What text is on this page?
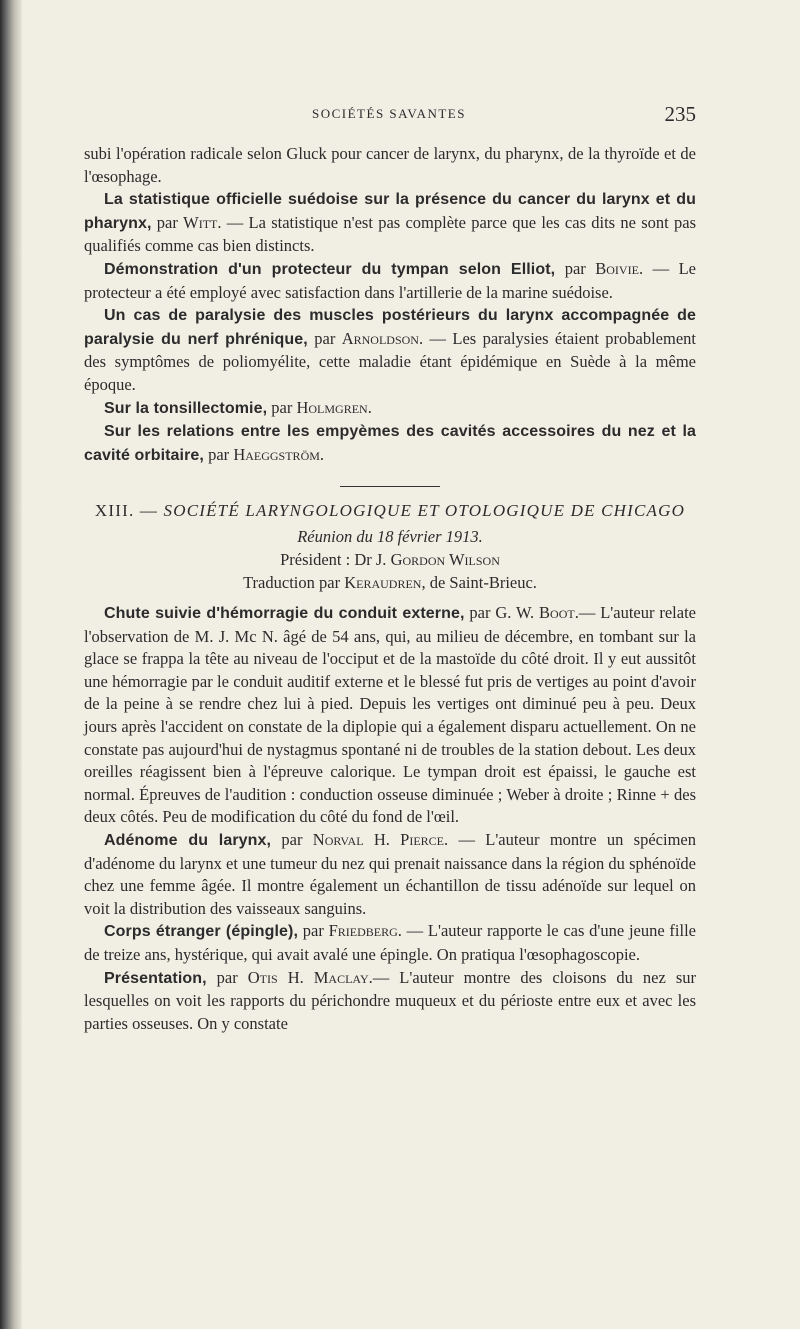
SOCIÉTÉS SAVANTES	235

subi l'opération radicale selon Gluck pour cancer de larynx, du pharynx, de la thyroïde et de l'œsophage.

La statistique officielle suédoise sur la présence du cancer du larynx et du pharynx, par Witt. — La statistique n'est pas complète parce que les cas dits ne sont pas qualifiés comme cas bien distincts.

Démonstration d'un protecteur du tympan selon Elliot, par Boivie. — Le protecteur a été employé avec satisfaction dans l'artillerie de la marine suédoise.

Un cas de paralysie des muscles postérieurs du larynx accompagnée de paralysie du nerf phrénique, par Arnoldson. — Les paralysies étaient probablement des symptômes de poliomyélite, cette maladie étant épidémique en Suède à la même époque.

Sur la tonsillectomie, par Holmgren.

Sur les relations entre les empyèmes des cavités accessoires du nez et la cavité orbitaire, par Haeggström.

XIII. — SOCIÉTÉ LARYNGOLOGIQUE ET OTOLOGIQUE DE CHICAGO
Réunion du 18 février 1913.
Président : Dr J. Gordon Wilson
Traduction par Keraudren, de Saint-Brieuc.

Chute suivie d'hémorragie du conduit externe, par G. W. Boot.— L'auteur relate l'observation de M. J. Mc N. âgé de 54 ans, qui, au milieu de décembre, en tombant sur la glace se frappa la tête au niveau de l'occiput et de la mastoïde du côté droit. Il y eut aussitôt une hémorragie par le conduit auditif externe et le blessé fut pris de vertiges au point d'avoir de la peine à se rendre chez lui à pied. Depuis les vertiges ont diminué peu à peu. Deux jours après l'accident on constate de la diplopie qui a également disparu actuellement. On ne constate pas aujourd'hui de nystagmus spontané ni de troubles de la station debout. Les deux oreilles réagissent bien à l'épreuve calorique. Le tympan droit est épaissi, le gauche est normal. Épreuves de l'audition : conduction osseuse diminuée ; Weber à droite ; Rinne + des deux côtés. Peu de modification du côté du fond de l'œil.

Adénome du larynx, par Norval H. Pierce. — L'auteur montre un spécimen d'adénome du larynx et une tumeur du nez qui prenait naissance dans la région du sphénoïde chez une femme âgée. Il montre également un échantillon de tissu adénoïde sur lequel on voit la distribution des vaisseaux sanguins.

Corps étranger (épingle), par Friedberg. — L'auteur rapporte le cas d'une jeune fille de treize ans, hystérique, qui avait avalé une épingle. On pratiqua l'œsophagoscopie.

Présentation, par Otis H. Maclay.— L'auteur montre des cloisons du nez sur lesquelles on voit les rapports du périchondre muqueux et du périoste entre eux et avec les parties osseuses. On y constate
